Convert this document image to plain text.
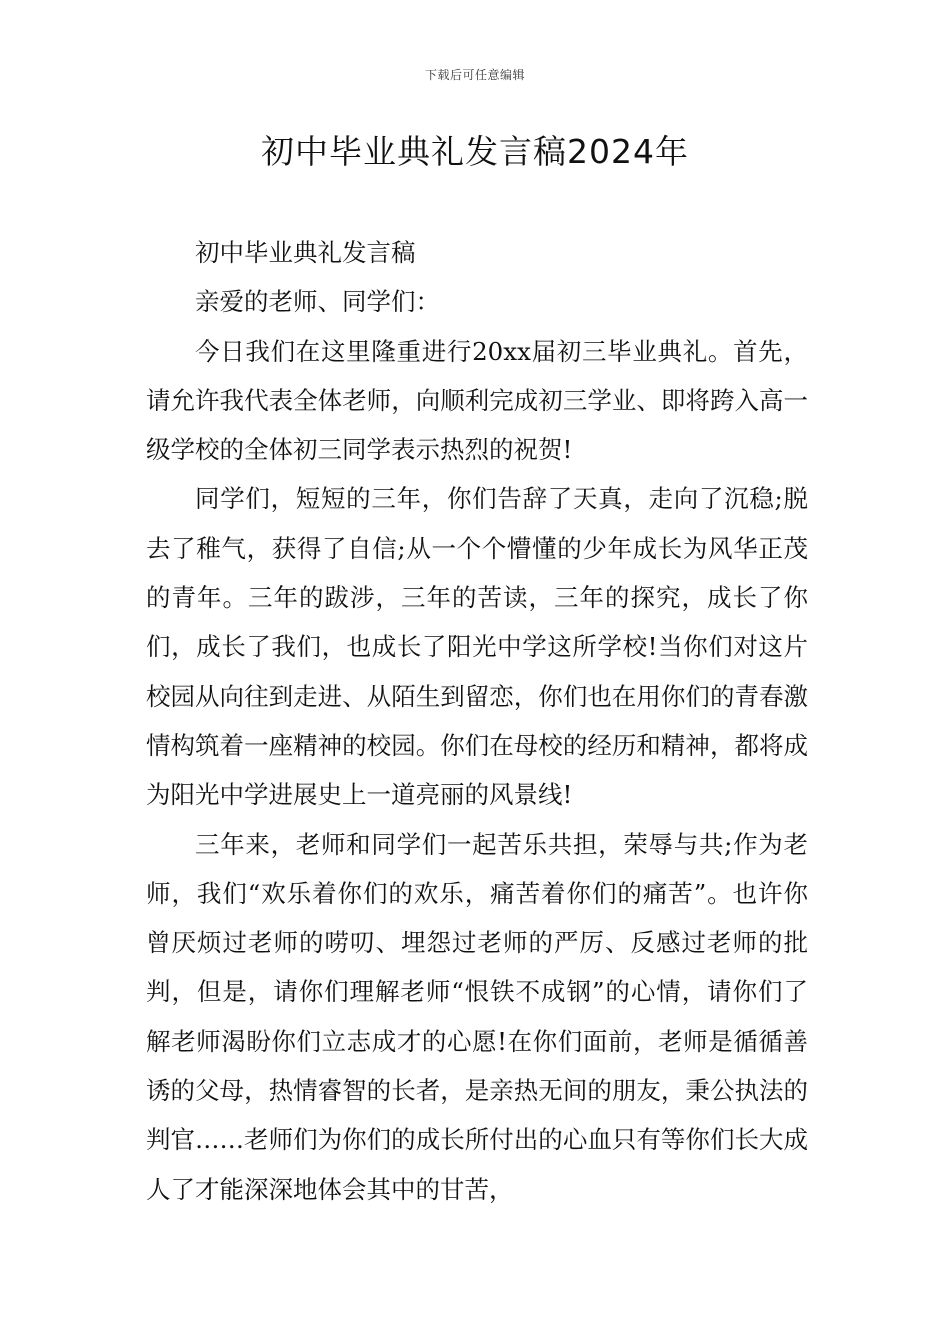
下载后可任意编辑
初中毕业典礼发言稿2024年

初中毕业典礼发言稿

亲爱的老师、同学们：

今日我们在这里隆重进行20xx届初三毕业典礼。首先，请允许我代表全体老师，向顺利完成初三学业、即将跨入高一级学校的全体初三同学表示热烈的祝贺!

同学们，短短的三年，你们告辞了天真，走向了沉稳;脱去了稚气，获得了自信;从一个个懵懂的少年成长为风华正茂的青年。三年的跋涉，三年的苦读，三年的探究，成长了你们，成长了我们，也成长了阳光中学这所学校!当你们对这片校园从向往到走进、从陌生到留恋，你们也在用你们的青春激情构筑着一座精神的校园。你们在母校的经历和精神，都将成为阳光中学进展史上一道亮丽的风景线!

三年来，老师和同学们一起苦乐共担，荣辱与共;作为老师，我们“欢乐着你们的欢乐，痛苦着你们的痛苦”。也许你曾厌烦过老师的唠叨、埋怨过老师的严厉、反感过老师的批判，但是，请你们理解老师“恨铁不成钢”的心情，请你们了解老师渴盼你们立志成才的心愿!在你们面前，老师是循循善诱的父母，热情睿智的长者，是亲热无间的朋友，秉公执法的判官……老师们为你们的成长所付出的心血只有等你们长大成人了才能深深地体会其中的甘苦，
